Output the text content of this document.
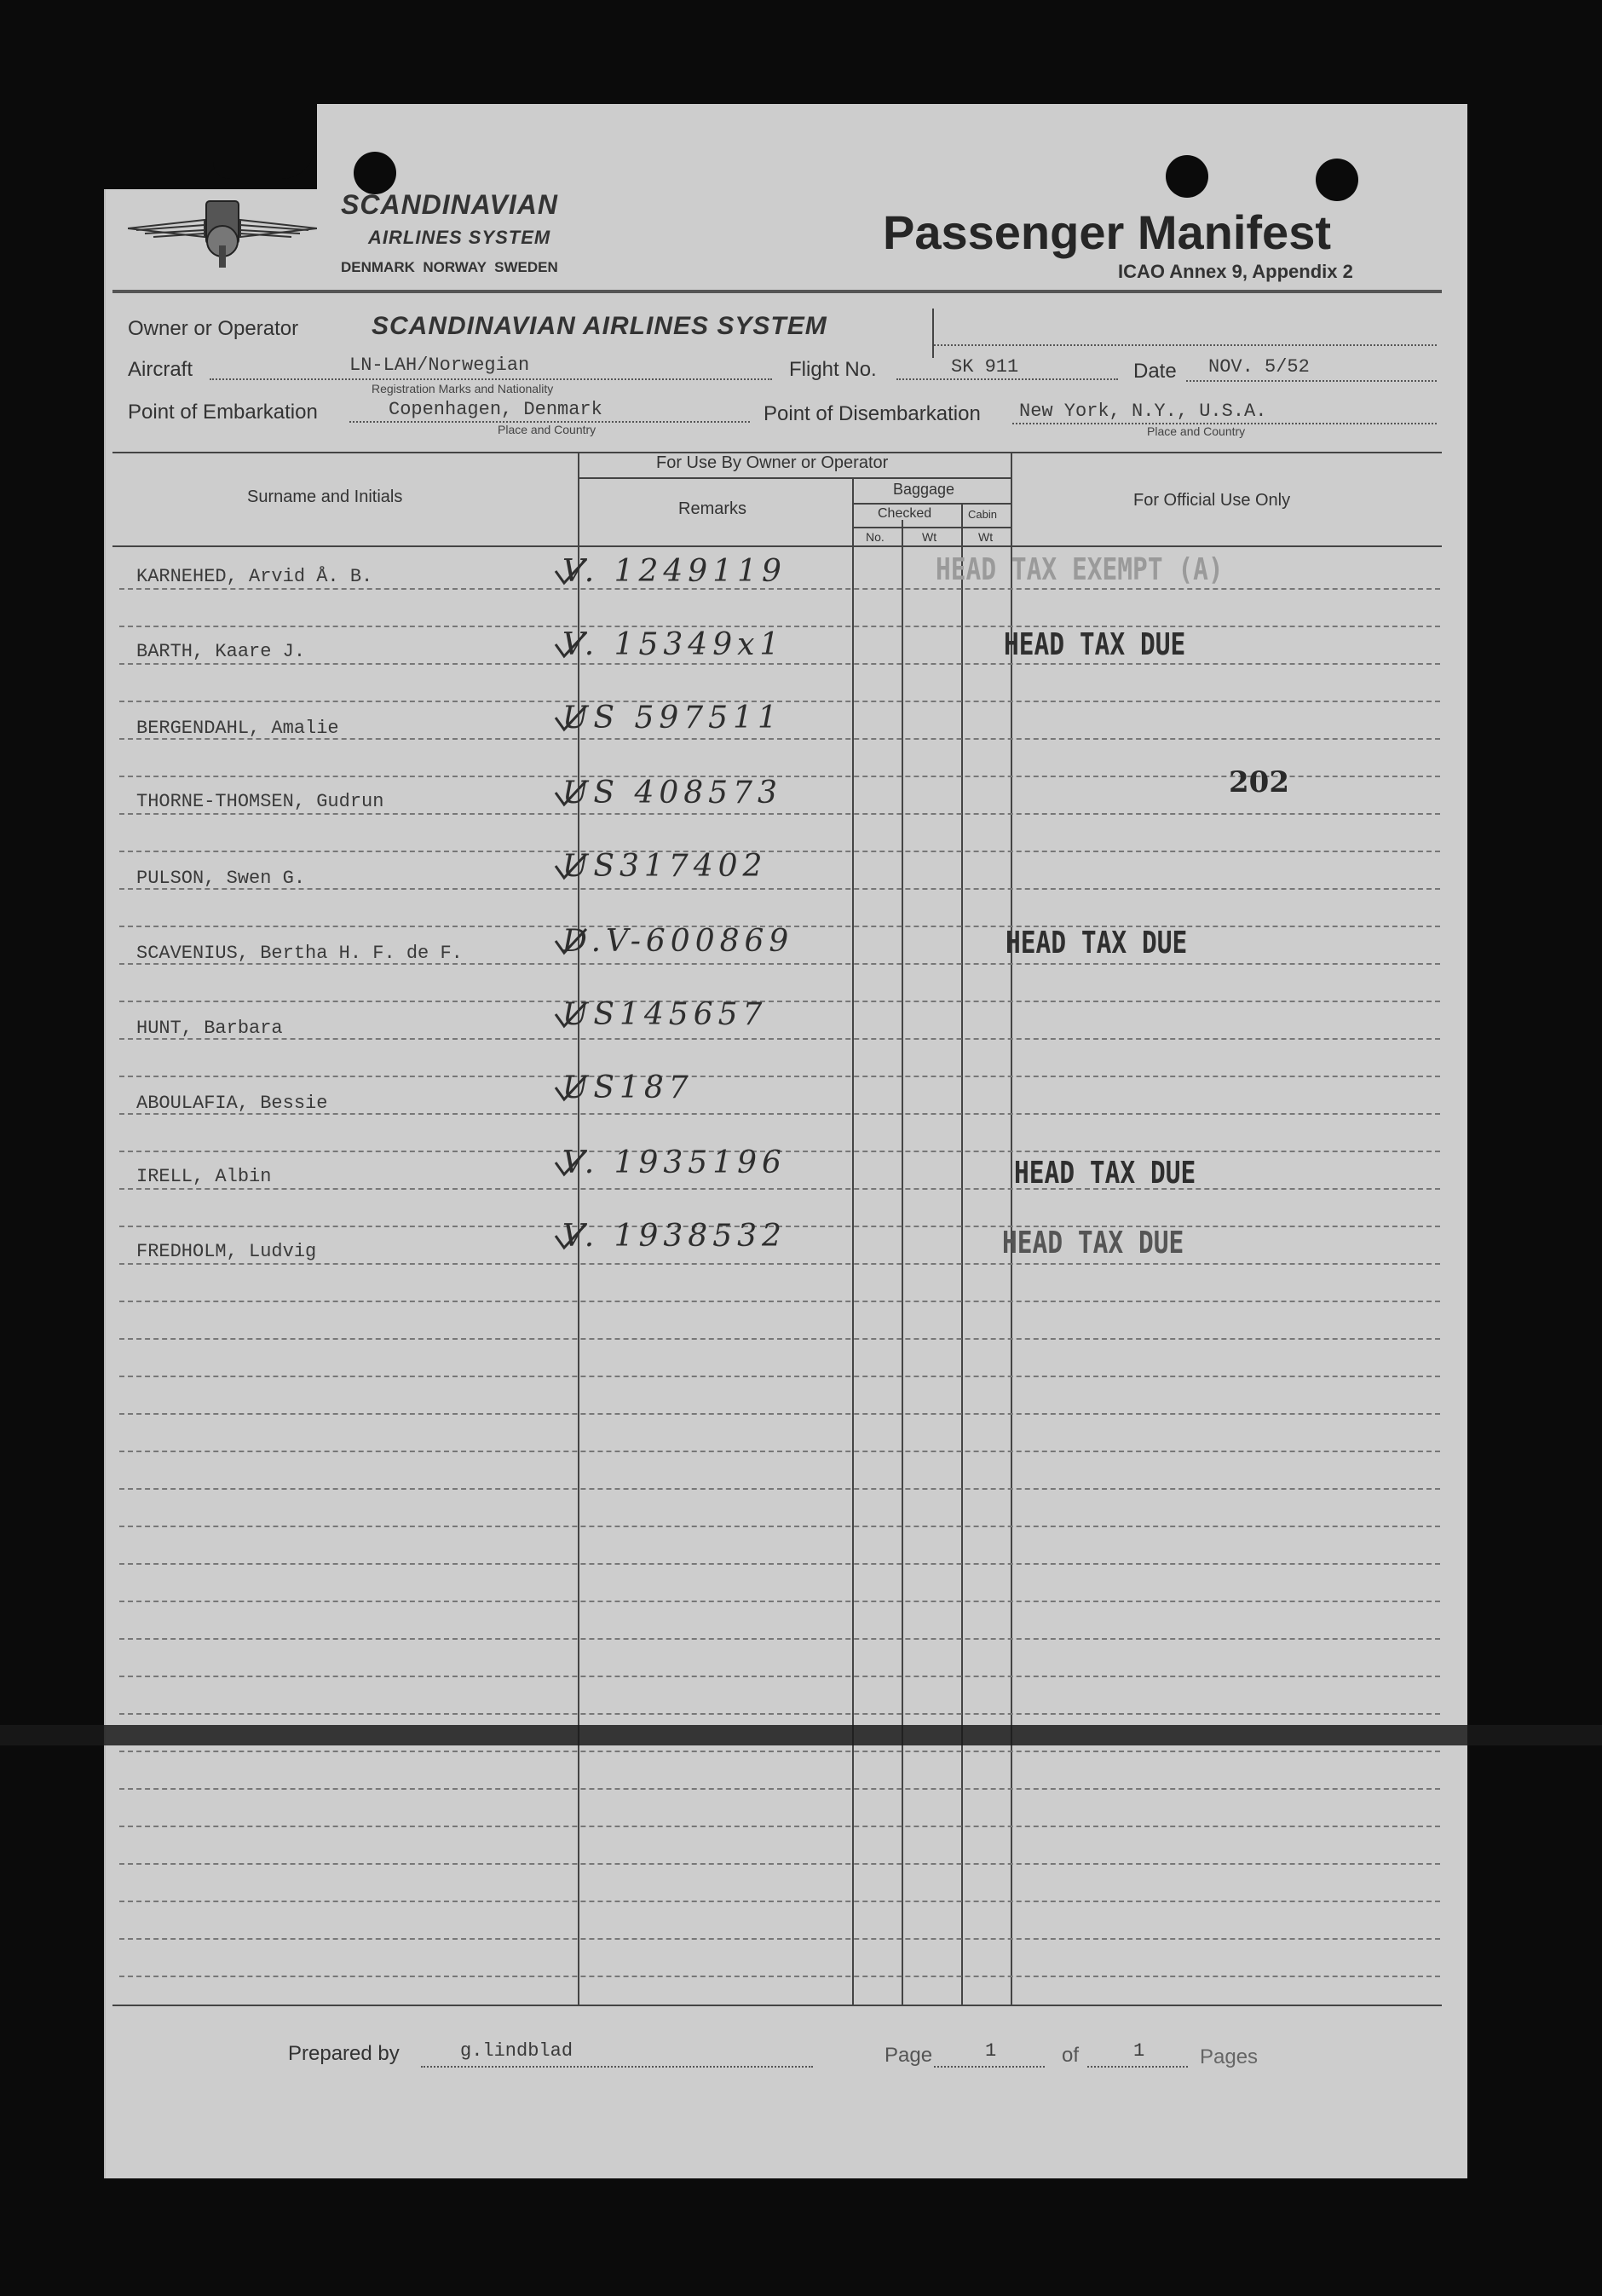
SCANDINAVIAN
AIRLINES SYSTEM
DENMARK  NORWAY  SWEDEN
Passenger Manifest
ICAO Annex 9, Appendix 2
Owner or Operator	SCANDINAVIAN AIRLINES SYSTEM
Aircraft	LN-LAH/Norwegian
Registration Marks and Nationality
Flight No.	SK 911	Date NOV. 5/52
Point of Embarkation	Copenhagen, Denmark
Place and Country
Point of Disembarkation New York, N.Y., U.S.A.
Place and Country
Surname and Initials
For Use By Owner or Operator
Remarks
Baggage
Checked	Cabin
No.	Wt	Wt
For Official Use Only
KARNEHED, Arvid Å. B.	V. 1249119	HEAD TAX EXEMPT (A)
BARTH, Kaare J.	V. 15349x1	HEAD TAX DUE
BERGENDAHL, Amalie	US 597511
THORNE-THOMSEN, Gudrun	US 408573	202
PULSON, Swen G.	US317402
SCAVENIUS, Bertha H. F. de F.	D.V-600869	HEAD TAX DUE
HUNT, Barbara	US145657
ABOULAFIA, Bessie	US187
IRELL, Albin	V. 1935196	HEAD TAX DUE
FREDHOLM, Ludvig	V. 1938532	HEAD TAX DUE
Prepared by	g.lindblad	Page	1	of	1	Pages
